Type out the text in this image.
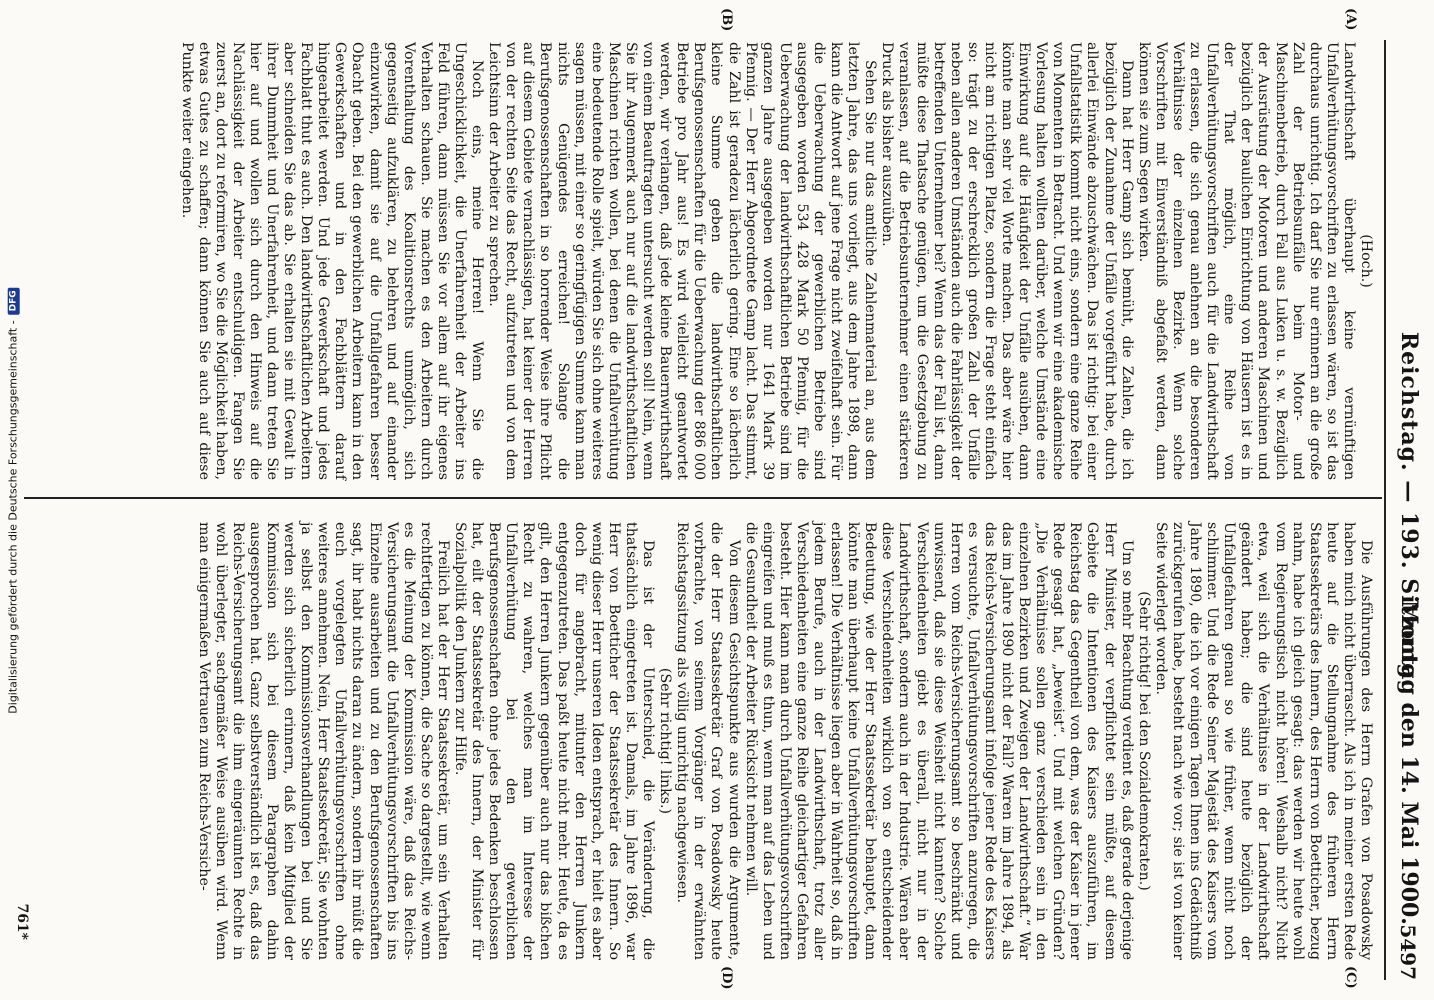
Digitalisierung gefördert durch die Deutsche Forschungsgemeinschaft -
DFG
Reichstag. — 193. Sitzung.
Montag den 14. Mai 1900.
5497
(A)
(B)
(C)
(D)

(Hoch.)

Landwirthschaft überhaupt keine vernünftigen Unfallverhütungsvorschriften zu erlassen wären, so ist das durchaus unrichtig. Ich darf Sie nur erinnern an die große Zahl der Betriebsunfälle beim Motor- und Maschinenbetrieb, durch Fall aus Luken u. s. w. Bezüglich der Ausrüstung der Motoren und anderen Maschinen und bezüglich der baulichen Einrichtung von Häusern ist es in der That möglich, eine Reihe von Unfallverhütungsvorschriften auch für die Landwirthschaft zu erlassen, die sich genau anlehnen an die besonderen Verhältnisse der einzelnen Bezirke. Wenn solche Vorschriften mit Einverständniß abgefaßt werden, dann können sie zum Segen wirken.

Dann hat Herr Gamp sich bemüht, die Zahlen, die ich bezüglich der Zunahme der Unfälle vorgeführt habe, durch allerlei Einwände abzuschwächen. Das ist richtig: bei einer Unfallstatistik kommt nicht eins, sondern eine ganze Reihe von Momenten in Betracht. Und wenn wir eine akademische Vorlesung halten wollten darüber, welche Umstände eine Einwirkung auf die Häufigkeit der Unfälle ausüben, dann könnte man sehr viel Worte machen. Das aber wäre hier nicht am richtigen Platze, sondern die Frage steht einfach so: trägt zu der erschrecklich großen Zahl der Unfälle neben allen anderen Umständen auch die Fahrlässigkeit der betreffenden Unternehmer bei? Wenn das der Fall ist, dann müßte diese Thatsache genügen, um die Gesetzgebung zu veranlassen, auf die Betriebsunternehmer einen stärkeren Druck als bisher auszuüben.

Sehen Sie nur das amtliche Zahlenmaterial an, aus dem letzten Jahre, das uns vorliegt, aus dem Jahre 1898, dann kann die Antwort auf jene Frage nicht zweifelhaft sein. Für die Ueberwachung der gewerblichen Betriebe sind ausgegeben worden 534 428 Mark 50 Pfennig, für die Ueberwachung der landwirthschaftlichen Betriebe sind im ganzen Jahre ausgegeben worden nur 1641 Mark 39 Pfennig. — Der Herr Abgeordnete Gamp lacht. Das stimmt, die Zahl ist geradezu lächerlich gering. Eine so lächerlich kleine Summe geben die landwirthschaftlichen Berufsgenossenschaften für die Ueberwachung der 886 000 Betriebe pro Jahr aus! Es wird vielleicht geantwortet werden, wir verlangen, daß jede kleine Bauernwirthschaft von einem Beauftragten untersucht werden soll! Nein, wenn Sie ihr Augenmerk auch nur auf die landwirthschaftlichen Maschinen richten wollen, bei denen die Unfallverhütung eine bedeutende Rolle spielt, würden Sie sich ohne weiteres sagen müssen, mit einer so geringfügigen Summe kann man nichts Genügendes erreichen! Solange die Berufsgenossenschaften in so horrender Weise ihre Pflicht auf diesem Gebiete vernachlässigen, hat keiner der Herren von der rechten Seite das Recht, aufzutreten und von dem Leichtsinn der Arbeiter zu sprechen.

Noch eins, meine Herren! Wenn Sie die Ungeschicklichkeit, die Unerfahrenheit der Arbeiter ins Feld führen, dann müssen Sie vor allem auf ihr eigenes Verhalten schauen. Sie machen es den Arbeitern durch Vorenthaltung des Koalitionsrechts unmöglich, sich gegenseitig aufzuklären, zu belehren und auf einander einzuwirken, damit sie auf die Unfallgefahren besser Obacht geben. Bei den gewerblichen Arbeitern kann in den Gewerkschaften und in den Fachblättern darauf hingearbeitet werden. Und jede Gewerkschaft und jedes Fachblatt thut es auch. Den landwirthschaftlichen Arbeitern aber schneiden Sie das ab. Sie erhalten sie mit Gewalt in ihrer Dummheit und Unerfahrenheit, und dann treten Sie hier auf und wollen sich durch den Hinweis auf die Nachlässigkeit der Arbeiter entschuldigen. Fangen Sie zuerst an, dort zu reformiren, wo Sie die Möglichkeit haben, etwas Gutes zu schaffen; dann können Sie auch auf diese Punkte weiter eingehen.

Die Ausführungen des Herrn Grafen von Posadowsky haben mich nicht überrascht. Als ich in meiner ersten Rede heute auf die Stellungnahme des früheren Herrn Staatssekretärs des Innern, des Herrn von Boetticher, bezug nahm, habe ich gleich gesagt: das werden wir heute wohl vom Regierungstisch nicht hören! Weshalb nicht? Nicht etwa, weil sich die Verhältnisse in der Landwirthschaft geändert haben; die sind heute bezüglich der Unfallgefahren genau so wie früher, wenn nicht noch schlimmer. Und die Rede Seiner Majestät des Kaisers vom Jahre 1890, die ich vor einigen Tagen Ihnen ins Gedächtniß zurückgerufen habe, besteht nach wie vor; sie ist von keiner Seite widerlegt worden.

(Sehr richtig! bei den Sozialdemokraten.)

Um so mehr Beachtung verdient es, daß gerade derjenige Herr Minister, der verpflichtet sein müßte, auf diesem Gebiete die Intentionen des Kaisers auszuführen, im Reichstag das Gegentheil von dem, was der Kaiser in jener Rede gesagt hat, „beweist“. Und mit welchen Gründen? „Die Verhältnisse sollen ganz verschieden sein in den einzelnen Bezirken und Zweigen der Landwirthschaft.“ War das im Jahre 1890 nicht der Fall? Waren im Jahre 1894, als das Reichs-Versicherungsamt infolge jener Rede des Kaisers es versuchte, Unfallverhütungsvorschriften anzuregen, die Herren vom Reichs-Versicherungsamt so beschränkt und unwissend, daß sie diese Weisheit nicht kannten? Solche Verschiedenheiten giebt es überall, nicht nur in der Landwirthschaft, sondern auch in der Industrie. Wären aber diese Verschiedenheiten wirklich von so entscheidender Bedeutung, wie der Herr Staatssekretär behauptet, dann könnte man überhaupt keine Unfallverhütungsvorschriften erlassen! Die Verhältnisse liegen aber in Wahrheit so, daß in jedem Berufe, auch in der Landwirthschaft, trotz aller Verschiedenheiten eine ganze Reihe gleichartiger Gefahren besteht. Hier kann man durch Unfallverhütungsvorschriften eingreifen und muß es thun, wenn man auf das Leben und die Gesundheit der Arbeiter Rücksicht nehmen will.

Von diesem Gesichtspunkte aus wurden die Argumente, die der Herr Staatssekretär Graf von Posadowsky heute vorbrachte, von seinem Vorgänger in der erwähnten Reichstagssitzung als völlig unrichtig nachgewiesen.

(Sehr richtig! links.)

Das ist der Unterschied, die Veränderung, die thatsächlich eingetreten ist. Damals, im Jahre 1896, war Herr von Boetticher der Staatssekretär des Innern. So wenig dieser Herr unseren Ideen entsprach, er hielt es aber doch für angebracht, mitunter den Herren Junkern entgegenzutreten. Das paßt heute nicht mehr. Heute, da es gilt, den Herren Junkern gegenüber auch nur das bißchen Recht zu wahren, welches man im Interesse der Unfallverhütung bei den gewerblichen Berufsgenossenschaften ohne jedes Bedenken beschlossen hat, eilt der Staatssekretär des Innern, der Minister für Sozialpolitik den Junkern zur Hilfe.

Freilich hat der Herr Staatssekretär, um sein Verhalten rechtfertigen zu können, die Sache so dargestellt, wie wenn es die Meinung der Kommission wäre, daß das Reichs-Versicherungsamt die Unfallverhütungsvorschriften bis ins Einzelne ausarbeiten und zu den Berufsgenossenschaften sagt, ihr habt nichts daran zu ändern, sondern ihr müßt die euch vorgelegten Unfallverhütungsvorschriften ohne weiteres annehmen. Nein, Herr Staatssekretär, Sie wohnten ja selbst den Kommissionsverhandlungen bei und Sie werden sich sicherlich erinnern, daß kein Mitglied der Kommission sich bei diesem Paragraphen dahin ausgesprochen hat. Ganz selbstverständlich ist es, daß das Reichs-Versicherungsamt die ihm eingeräumten Rechte in wohl überlegter, sachgemäßer Weise ausüben wird. Wenn man einigermaßen Vertrauen zum Reichs-Versiche-

761*
